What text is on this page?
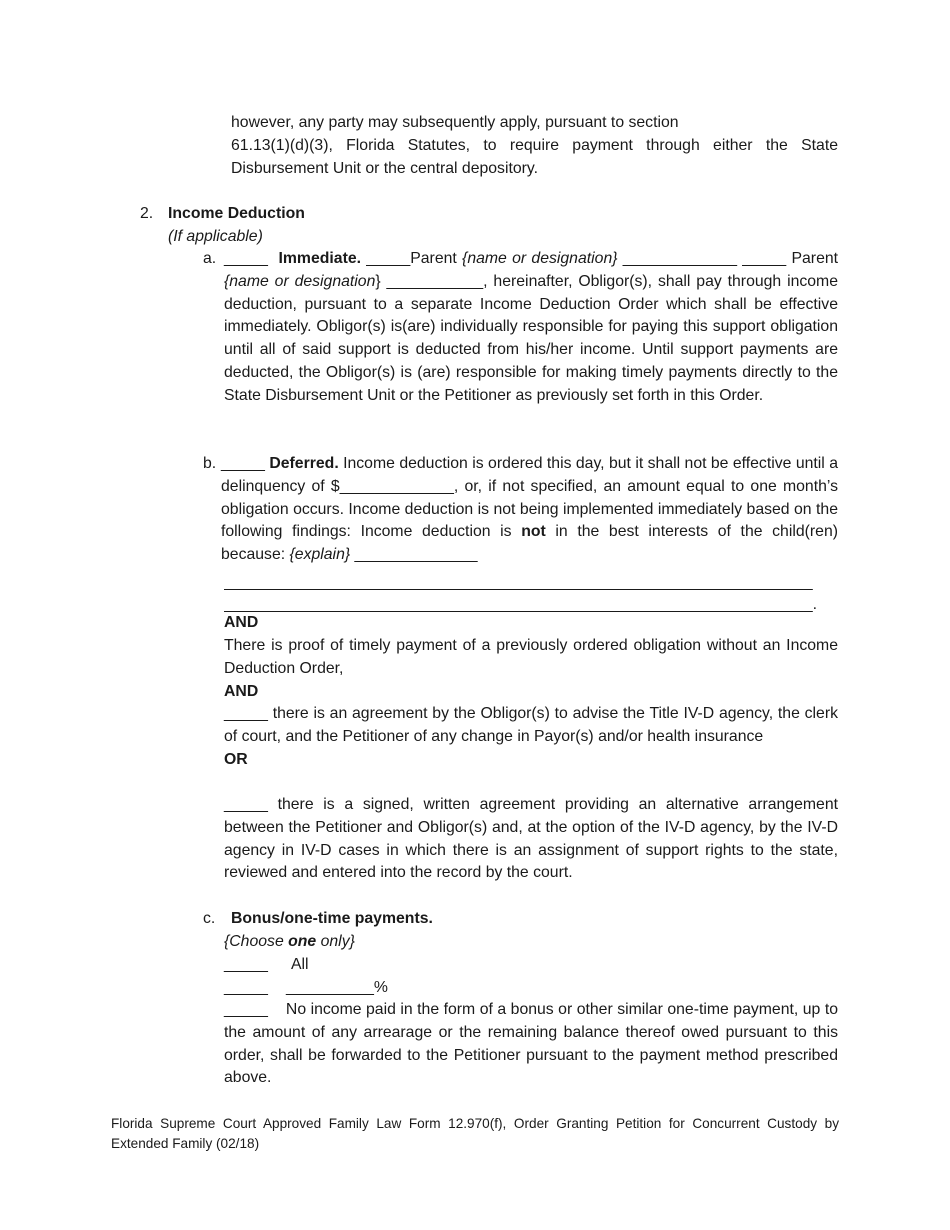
however, any party may subsequently apply, pursuant to section
61.13(1)(d)(3), Florida Statutes, to require payment through either the State Disbursement Unit or the central depository.
2. Income Deduction
(If applicable)
a. _____ Immediate. _____Parent {name or designation} _____________ _____ Parent {name or designation} ___________, hereinafter, Obligor(s), shall pay through income deduction, pursuant to a separate Income Deduction Order which shall be effective immediately. Obligor(s) is(are) individually responsible for paying this support obligation until all of said support is deducted from his/her income. Until support payments are deducted, the Obligor(s) is (are) responsible for making timely payments directly to the State Disbursement Unit or the Petitioner as previously set forth in this Order.
b. _____ Deferred. Income deduction is ordered this day, but it shall not be effective until a delinquency of $_____________, or, if not specified, an amount equal to one month’s obligation occurs. Income deduction is not being implemented immediately based on the following findings: Income deduction is not in the best interests of the child(ren) because: {explain} ______________
___________________________________________________________________
___________________________________________________________________.
AND
There is proof of timely payment of a previously ordered obligation without an Income Deduction Order,
AND
_____ there is an agreement by the Obligor(s) to advise the Title IV-D agency, the clerk of court, and the Petitioner of any change in Payor(s) and/or health insurance
OR
_____ there is a signed, written agreement providing an alternative arrangement between the Petitioner and Obligor(s) and, at the option of the IV-D agency, by the IV-D agency in IV-D cases in which there is an assignment of support rights to the state, reviewed and entered into the record by the court.
c. Bonus/one-time payments.
{Choose one only}
_____ All
_____ __________%
_____ No income paid in the form of a bonus or other similar one-time payment, up to the amount of any arrearage or the remaining balance thereof owed pursuant to this order, shall be forwarded to the Petitioner pursuant to the payment method prescribed above.
Florida Supreme Court Approved Family Law Form 12.970(f), Order Granting Petition for Concurrent Custody by Extended Family (02/18)
